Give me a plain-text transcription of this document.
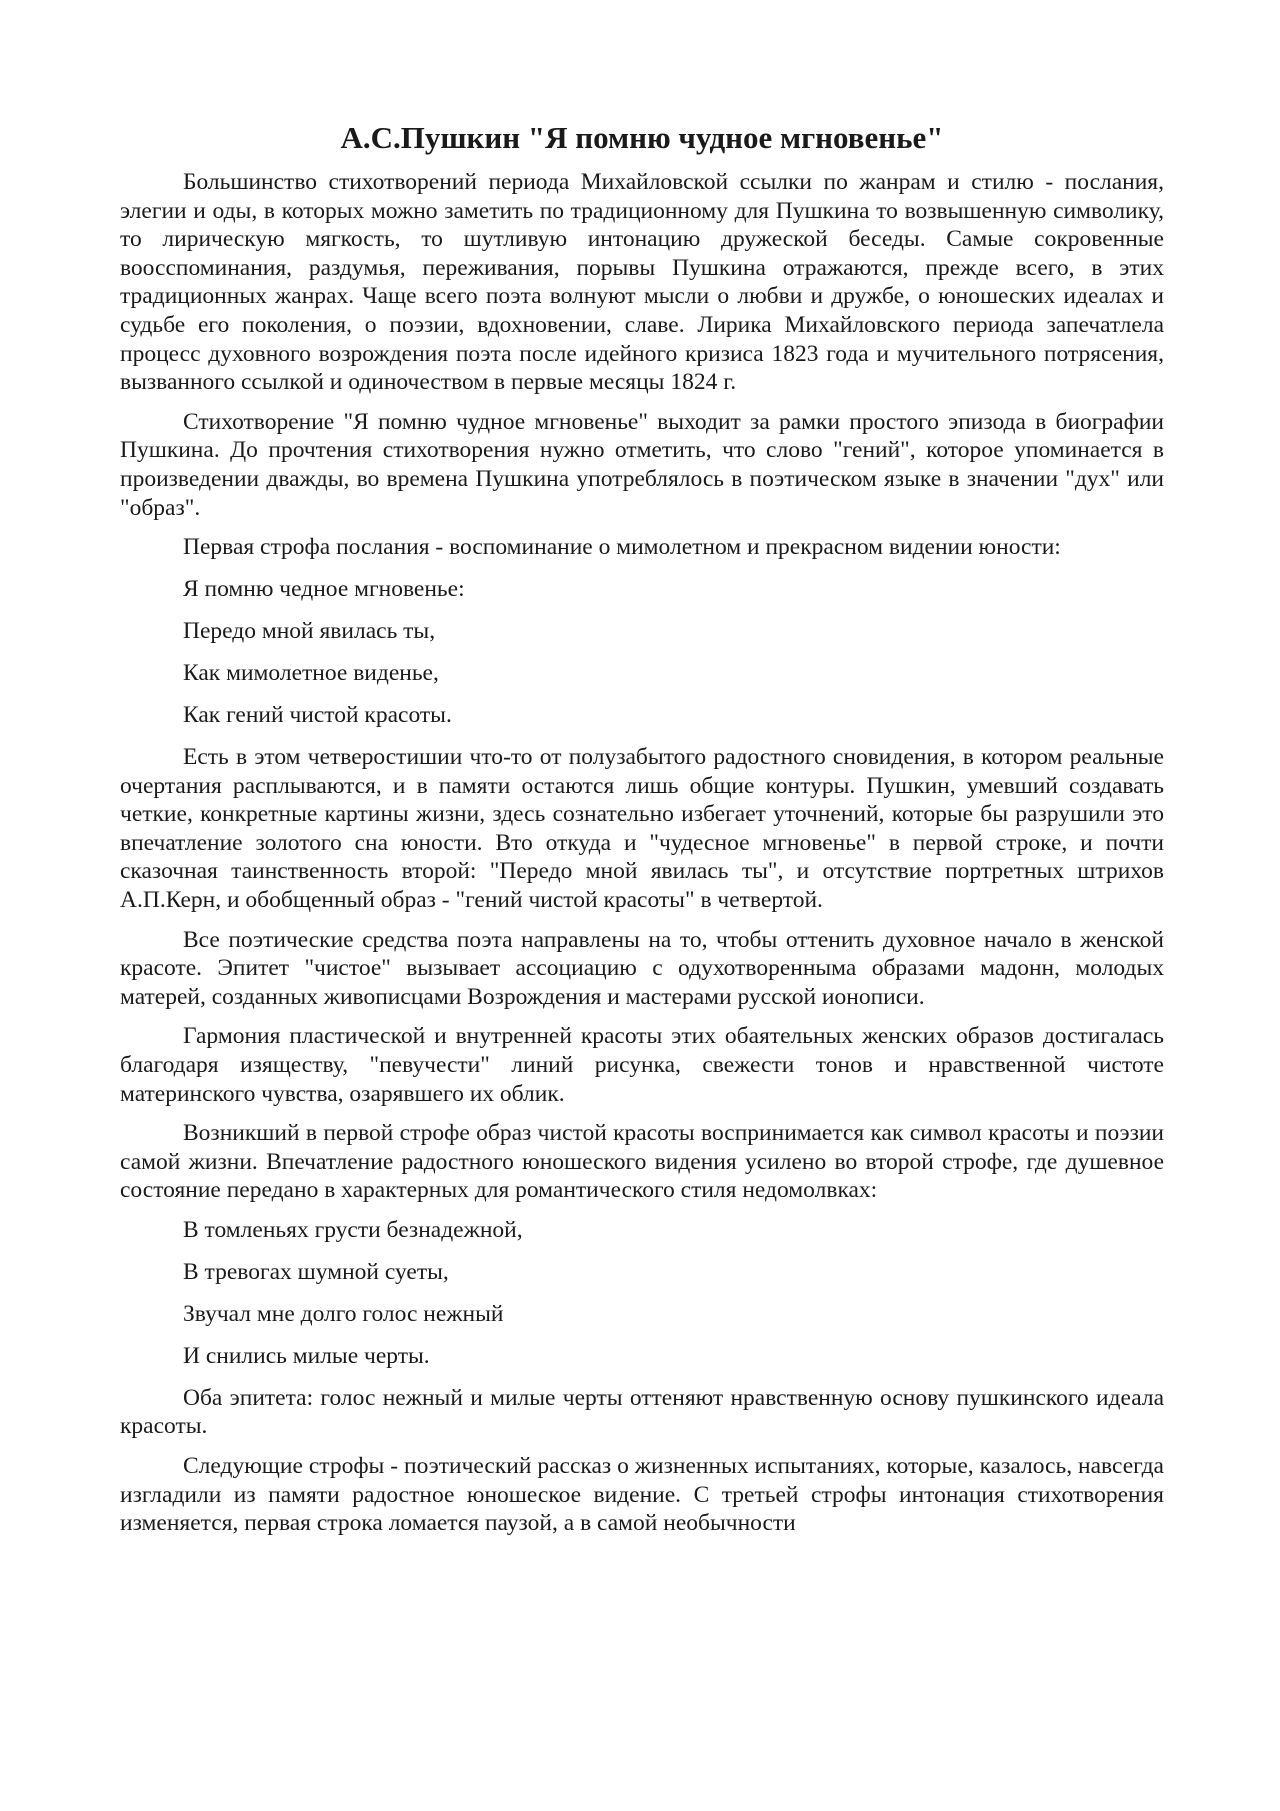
А.С.Пушкин "Я помню чудное мгновенье"

Большинство стихотворений периода Михайловской ссылки по жанрам и стилю - послания, элегии и оды, в которых можно заметить по традиционному для Пушкина то возвышенную символику, то лирическую мягкость, то шутливую интонацию дружеской беседы. Самые сокровенные воосспоминания, раздумья, переживания, порывы Пушкина отражаются, прежде всего, в этих традиционных жанрах. Чаще всего поэта волнуют мысли о любви и дружбе, о юношеских идеалах и судьбе его поколения, о поэзии, вдохновении, славе. Лирика Михайловского периода запечатлела процесс духовного возрождения поэта после идейного кризиса 1823 года и мучительного потрясения, вызванного ссылкой и одиночеством в первые месяцы 1824 г.

Стихотворение "Я помню чудное мгновенье" выходит за рамки простого эпизода в биографии Пушкина. До прочтения стихотворения нужно отметить, что слово "гений", которое упоминается в произведении дважды, во времена Пушкина употреблялось в поэтическом языке в значении "дух" или "образ".

Первая строфа послания - воспоминание о мимолетном и прекрасном видении юности:

Я помню чедное мгновенье:

Передо мной явилась ты,

Как мимолетное виденье,

Как гений чистой красоты.

Есть в этом четверостишии что-то от полузабытого радостного сновидения, в котором реальные очертания расплываются, и в памяти остаются лишь общие контуры. Пушкин, умевший создавать четкие, конкретные картины жизни, здесь сознательно избегает уточнений, которые бы разрушили это впечатление золотого сна юности. Вто откуда и "чудесное мгновенье" в первой строке, и почти сказочная таинственность второй: "Передо мной явилась ты", и отсутствие портретных штрихов А.П.Керн, и обобщенный образ - "гений чистой красоты" в четвертой.

Все поэтические средства поэта направлены на то, чтобы оттенить духовное начало в женской красоте. Эпитет "чистое" вызывает ассоциацию с одухотворенныма образами мадонн, молодых матерей, созданных живописцами Возрождения и мастерами русской ионописи.

Гармония пластической и внутренней красоты этих обаятельных женских образов достигалась благодаря изяществу, "певучести" линий рисунка, свежести тонов и нравственной чистоте материнского чувства, озарявшего их облик.

Возникший в первой строфе образ чистой красоты воспринимается как символ красоты и поэзии самой жизни. Впечатление радостного юношеского видения усилено во второй строфе, где душевное состояние передано в характерных для романтического стиля недомолвках:

В томленьях грусти безнадежной,

В тревогах шумной суеты,

Звучал мне долго голос нежный

И снились милые черты.

Оба эпитета: голос нежный и милые черты оттеняют нравственную основу пушкинского идеала красоты.

Следующие строфы - поэтический рассказ о жизненных испытаниях, которые, казалось, навсегда изгладили из памяти радостное юношеское видение. С третьей строфы интонация стихотворения изменяется, первая строка ломается паузой, а в самой необычности
